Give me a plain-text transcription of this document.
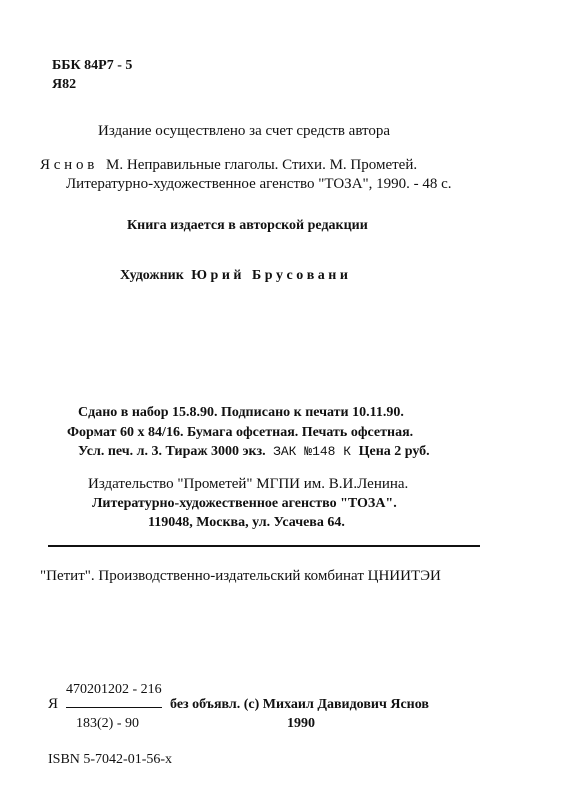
ББК 84Р7 - 5
Я82
Издание осуществлено за счет средств автора
Я с н о в М. Неправильные глаголы. Стихи. М. Прометей.
Литературно-художественное агенство "ТОЗА", 1990. - 48 с.
Книга издается в авторской редакции
Художник Ю р и й   Б р у с о в а н и
Сдано в набор 15.8.90. Подписано к печати 10.11.90.
Формат 60 х 84/16. Бумага офсетная. Печать офсетная.
Усл. печ. л. 3. Тираж 3000 экз. ЗАК №148 К Цена 2 руб.
Издательство "Прометей" МГПИ им. В.И.Ленина.
Литературно-художественное агенство "ТОЗА".
119048, Москва, ул. Усачева 64.
"Петит". Производственно-издательский комбинат ЦНИИТЭИ
470201202 - 216
Я
183(2) - 90
без объявл. (с) Михаил Давидович Яснов
1990
ISBN 5-7042-01-56-х
